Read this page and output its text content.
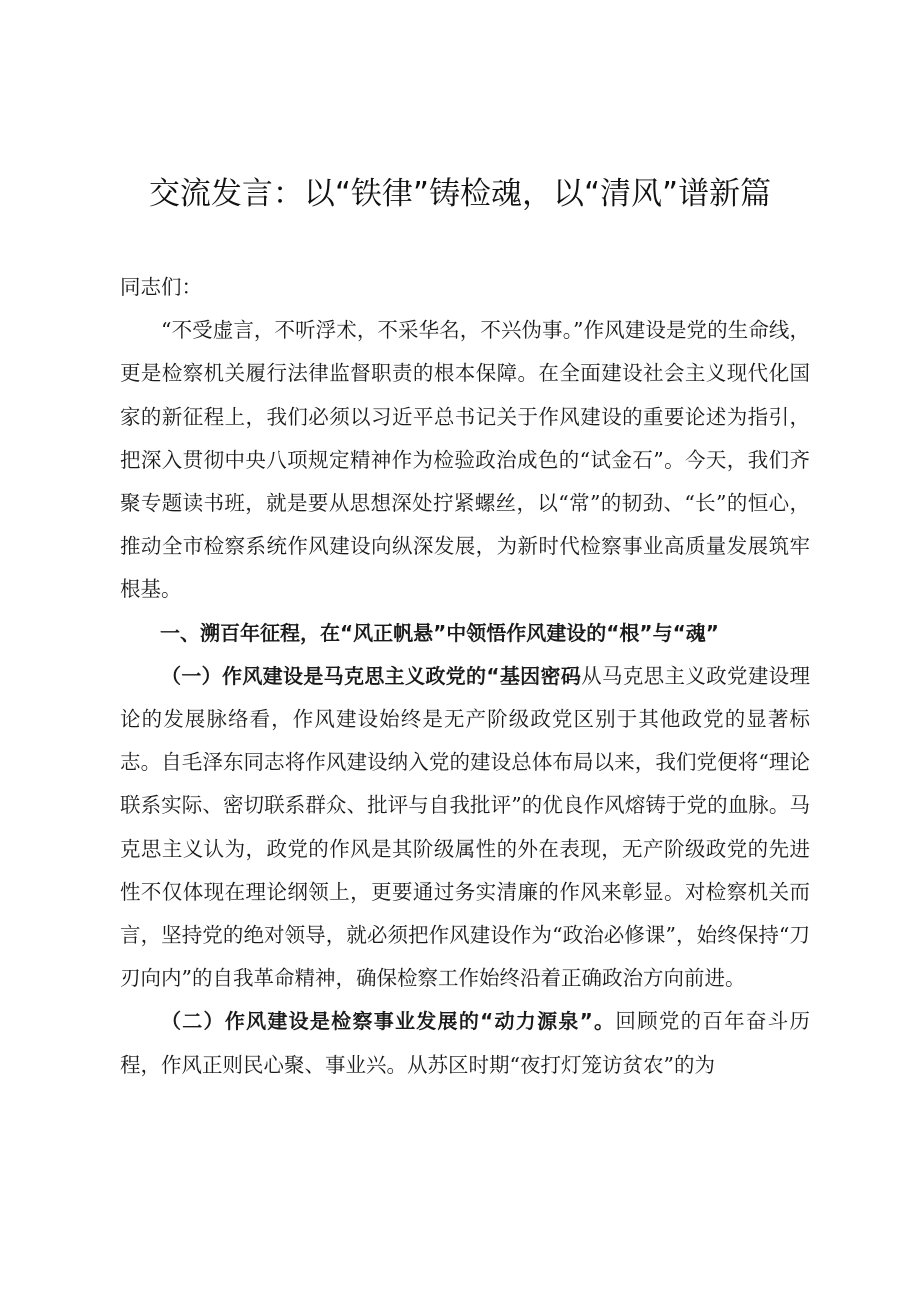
交流发言：以“铁律”铸检魂，以“清风”谱新篇

同志们：

“不受虚言，不听浮术，不采华名，不兴伪事。”作风建设是党的生命线，更是检察机关履行法律监督职责的根本保障。在全面建设社会主义现代化国家的新征程上，我们必须以习近平总书记关于作风建设的重要论述为指引，把深入贯彻中央八项规定精神作为检验政治成色的“试金石”。今天，我们齐聚专题读书班，就是要从思想深处拧紧螺丝，以“常”的韧劲、“长”的恒心，推动全市检察系统作风建设向纵深发展，为新时代检察事业高质量发展筑牢根基。

一、溯百年征程，在“风正帆悬”中领悟作风建设的“根”与“魂”

（一）作风建设是马克思主义政党的“基因密码从马克思主义政党建设理论的发展脉络看，作风建设始终是无产阶级政党区别于其他政党的显著标志。自毛泽东同志将作风建设纳入党的建设总体布局以来，我们党便将“理论联系实际、密切联系群众、批评与自我批评”的优良作风熔铸于党的血脉。马克思主义认为，政党的作风是其阶级属性的外在表现，无产阶级政党的先进性不仅体现在理论纲领上，更要通过务实清廉的作风来彰显。对检察机关而言，坚持党的绝对领导，就必须把作风建设作为“政治必修课”，始终保持“刀刃向内”的自我革命精神，确保检察工作始终沿着正确政治方向前进。

（二）作风建设是检察事业发展的“动力源泉”。回顾党的百年奋斗历程，作风正则民心聚、事业兴。从苏区时期“夜打灯笼访贫农”的为
